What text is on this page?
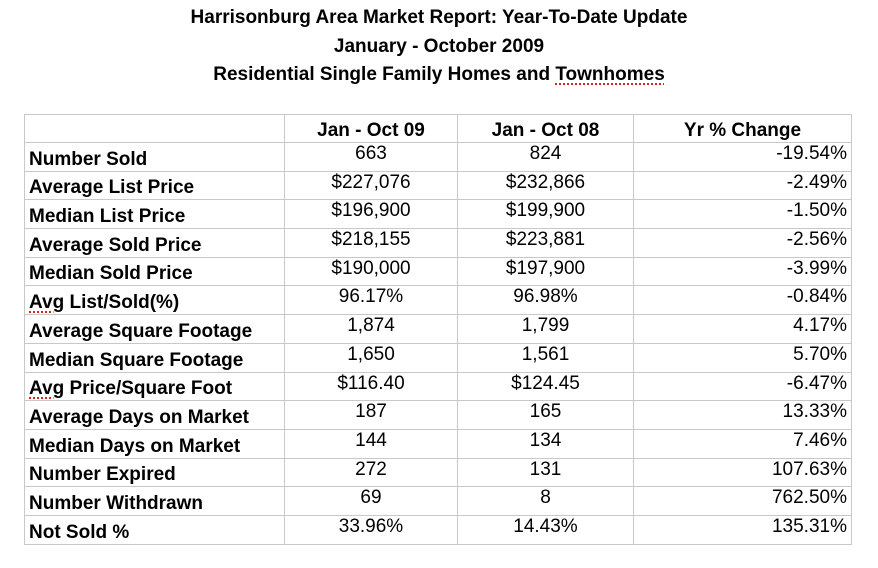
Harrisonburg Area Market Report: Year-To-Date Update
January - October 2009
Residential Single Family Homes and Townhomes
	Jan - Oct 09	Jan - Oct 08	Yr % Change
Number Sold	663	824	-19.54%
Average List Price	$227,076	$232,866	-2.49%
Median List Price	$196,900	$199,900	-1.50%
Average Sold Price	$218,155	$223,881	-2.56%
Median Sold Price	$190,000	$197,900	-3.99%
Avg List/Sold(%)	96.17%	96.98%	-0.84%
Average Square Footage	1,874	1,799	4.17%
Median Square Footage	1,650	1,561	5.70%
Avg Price/Square Foot	$116.40	$124.45	-6.47%
Average Days on Market	187	165	13.33%
Median Days on Market	144	134	7.46%
Number Expired	272	131	107.63%
Number Withdrawn	69	8	762.50%
Not Sold %	33.96%	14.43%	135.31%
